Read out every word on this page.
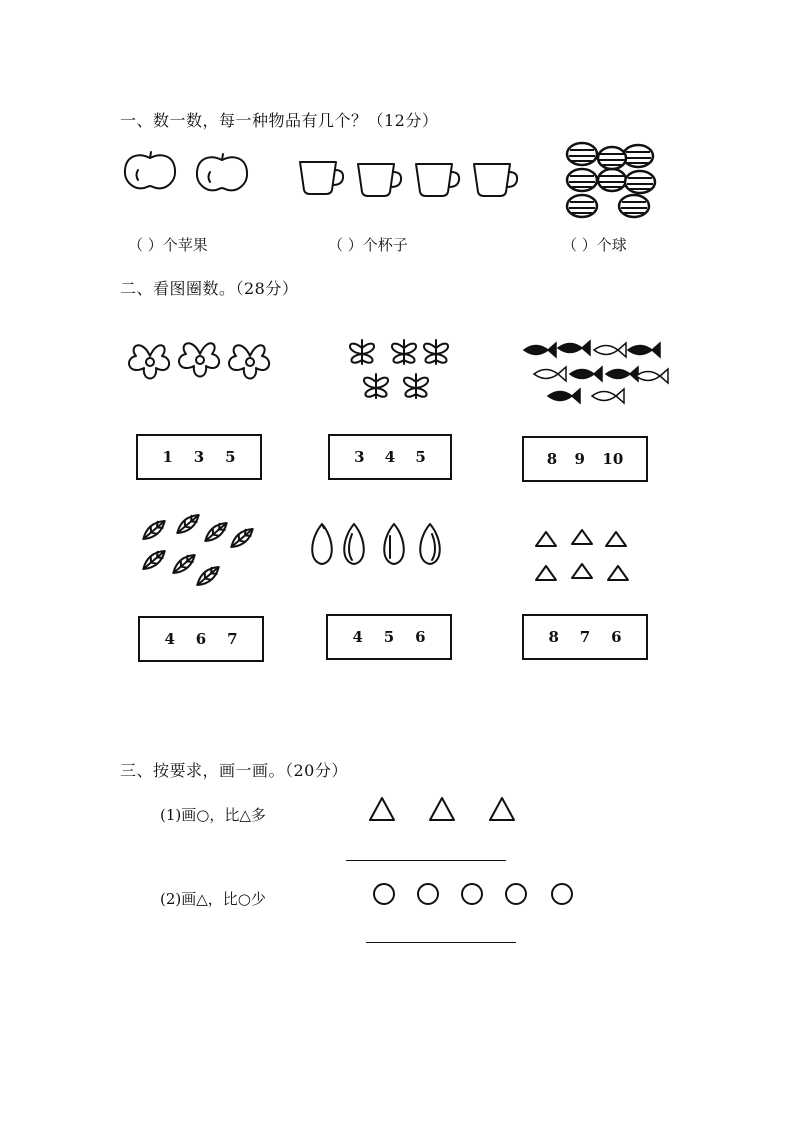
一、数一数，每一种物品有几个？（12分）
（ ）个苹果	（ ）个杯子	（ ）个球
二、看图圈数。（28分）
1 3 5	3 4 5	8 9 10
4 6 7	4 5 6	8 7 6
三、按要求，画一画。（20分）
(1)画○，比△多
(2)画△，比○少
